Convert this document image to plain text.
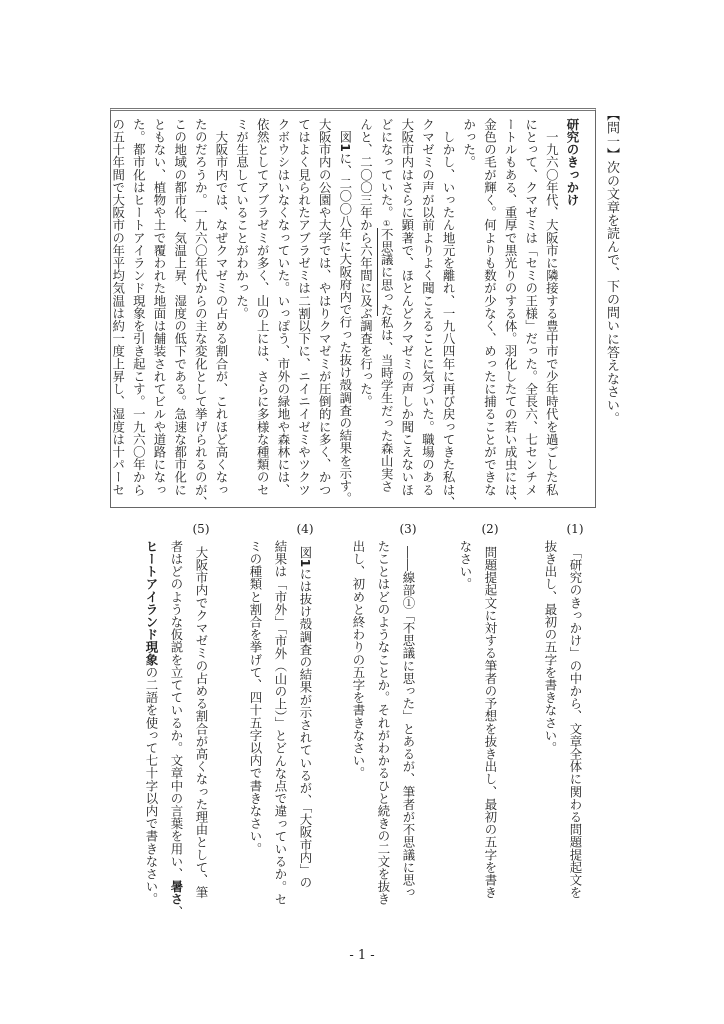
【問一】次の文章を読んで、下の問いに答えなさい。
研究のきっかけ
　一九六〇年代、大阪市に隣接する豊中市で少年時代を過ごした私
にとって、クマゼミは「セミの王様」だった。全長六、七センチメ
ートルもある、重厚で黒光りのする体。羽化したての若い成虫には、
金色の毛が輝く。何よりも数が少なく、めったに捕ることができな
かった。
　しかし、いったん地元を離れ、一九八四年に再び戻ってきた私は、
クマゼミの声が以前よりよく聞こえることに気づいた。職場のある
大阪市内はさらに顕著で、ほとんどクマゼミの声しか聞こえないほ
どになっていた。①不思議に思った私は、当時学生だった森山実さ
んと、二〇〇三年から六年間に及ぶ調査を行った。
　図1に、二〇〇八年に大阪府内で行った抜け殻調査の結果を示す。
大阪市内の公園や大学では、やはりクマゼミが圧倒的に多く、かつ
てはよく見られたアブラゼミは二割以下に、ニイニイゼミやツクツ
クボウシはいなくなっていた。いっぽう、市外の緑地や森林には、
依然としてアブラゼミが多く、山の上には、さらに多様な種類のセ
ミが生息していることがわかった。
　大阪市内では、なぜクマゼミの占める割合が、これほど高くなっ
たのだろうか。一九六〇年代からの主な変化として挙げられるのが、
この地域の都市化、気温上昇、湿度の低下である。急速な都市化に
ともない、植物や土で覆われた地面は舗装されてビルや道路になっ
た。都市化はヒートアイランド現象を引き起こす。一九六〇年から
の五十年間で大阪市の年平均気温は約一度上昇し、湿度は十パーセ
(1)
「研究のきっかけ」の中から、文章全体に関わる問題提起文を
抜き出し、最初の五字を書きなさい。
(2)
問題提起文に対する筆者の予想を抜き出し、最初の五字を書き
なさい。
(3)
――線部①「不思議に思った」とあるが、筆者が不思議に思っ
たことはどのようなことか。それがわかるひと続きの二文を抜き
出し、初めと終わりの五字を書きなさい。
(4)
図1には抜け殻調査の結果が示されているが、「大阪市内」の
結果は「市外」「市外（山の上）」とどんな点で違っているか。セ
ミの種類と割合を挙げて、四十五字以内で書きなさい。
(5)
大阪市内でクマゼミの占める割合が高くなった理由として、筆
者はどのような仮説を立てているか。文章中の言葉を用い、暑さ、
ヒートアイランド現象の二語を使って七十字以内で書きなさい。
- 1 -
